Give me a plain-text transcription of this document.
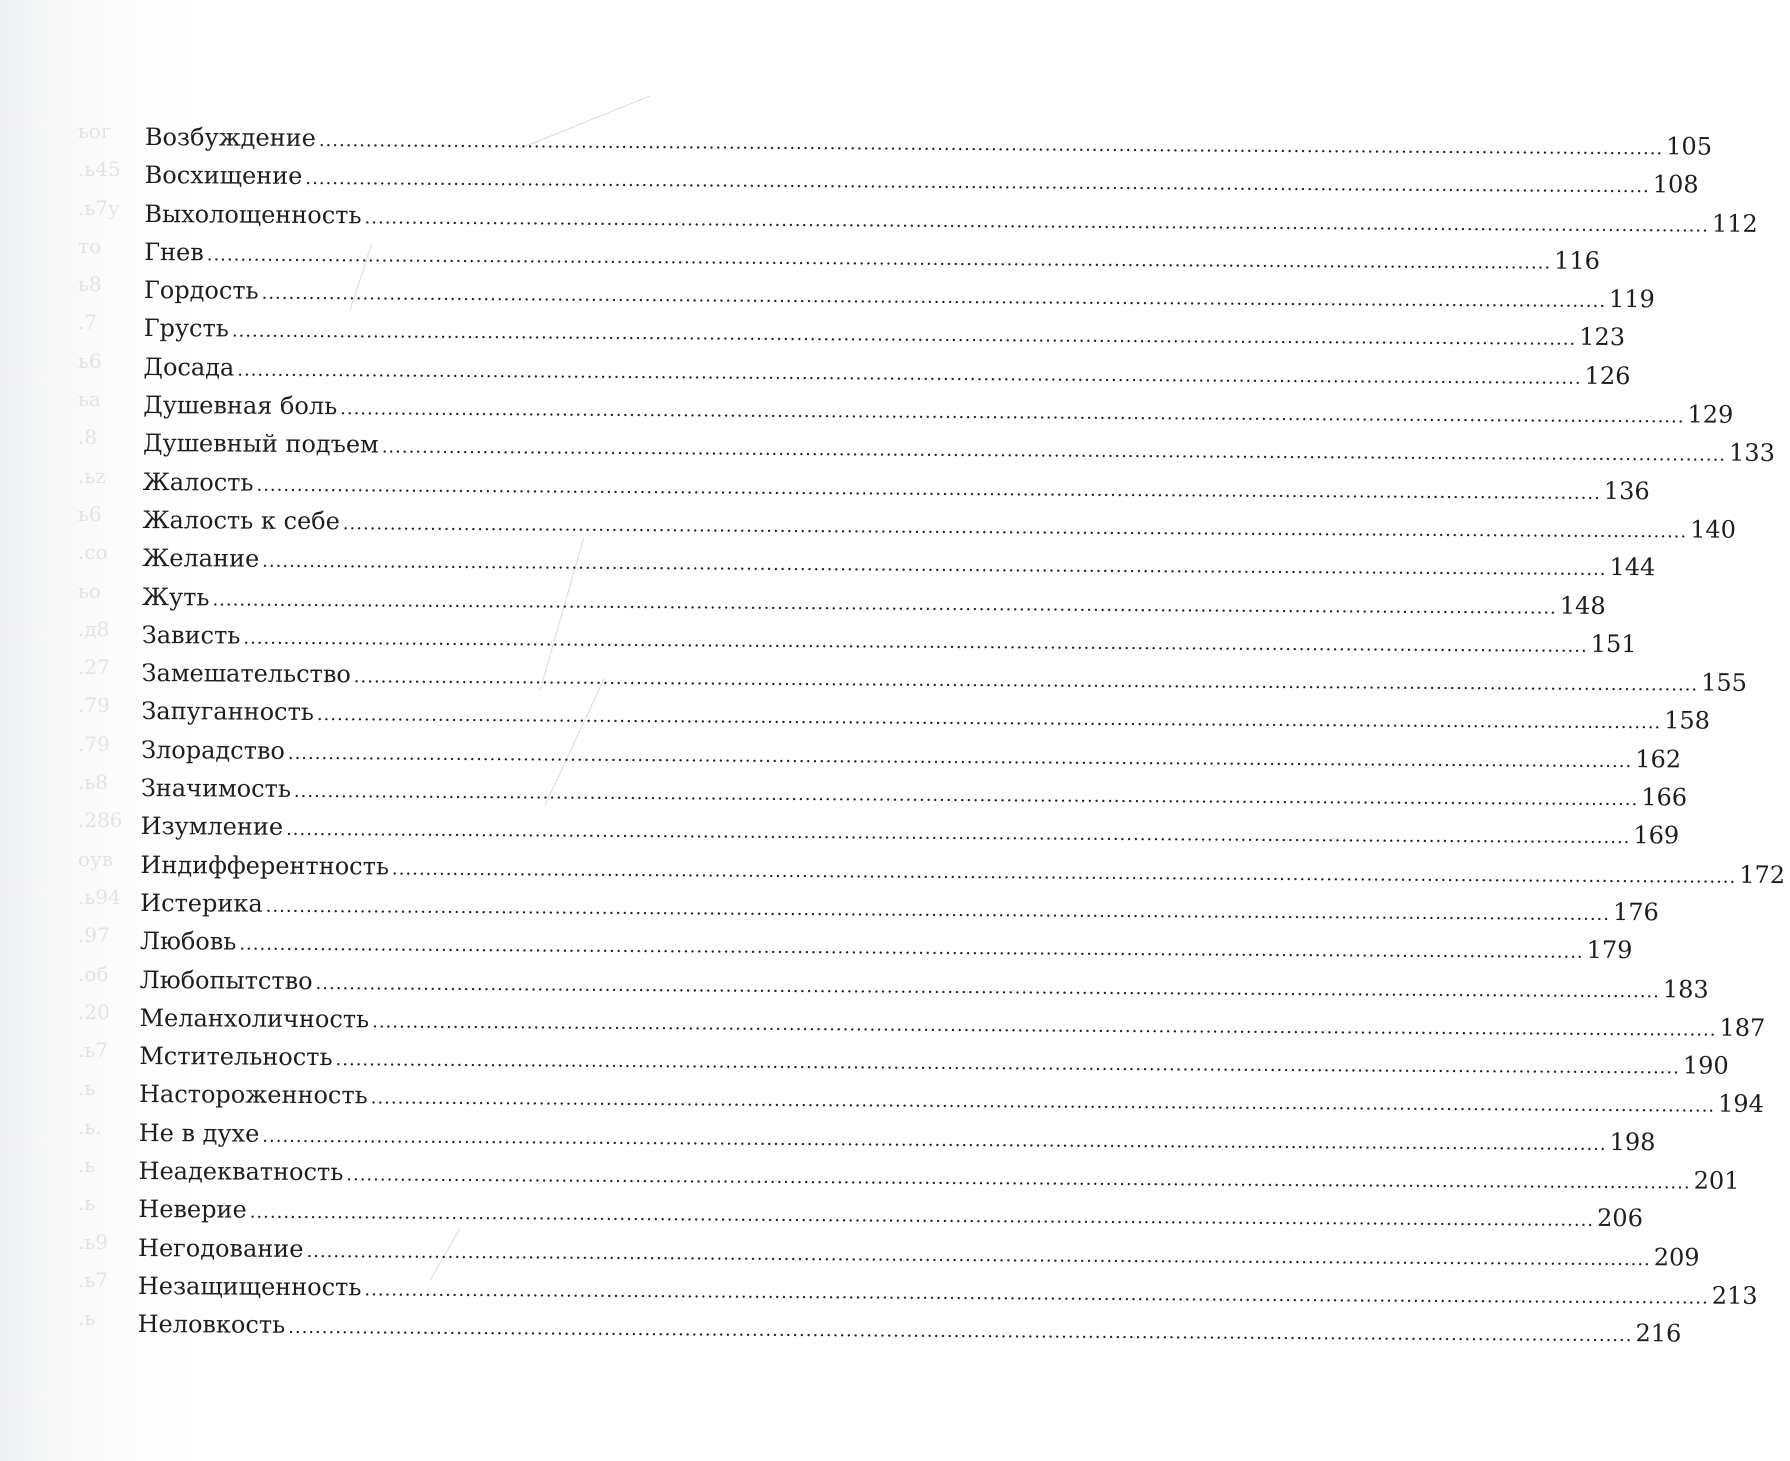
ьог
.ь45
.ь7у
то
ь8
.7
ь6
ьа
.8
.ьz
ь6
.со
ьо
.д8
.27
.79
.79
.ь8
.286
оув
.ь94
.97
.об
.20
.ь7
.ь
.ь.
.ь
.ь
.ь9
.ь7
.ь
Возбуждение ........................................................................................................................................................................................................ 105
Восхищение ........................................................................................................................................................................................................ 108
Выхолощенность ........................................................................................................................................................................................................ 112
Гнев ........................................................................................................................................................................................................ 116
Гордость ........................................................................................................................................................................................................ 119
Грусть ........................................................................................................................................................................................................ 123
Досада ........................................................................................................................................................................................................ 126
Душевная боль ........................................................................................................................................................................................................ 129
Душевный подъем ........................................................................................................................................................................................................ 133
Жалость ........................................................................................................................................................................................................ 136
Жалость к себе ........................................................................................................................................................................................................ 140
Желание ........................................................................................................................................................................................................ 144
Жуть ........................................................................................................................................................................................................ 148
Зависть ........................................................................................................................................................................................................ 151
Замешательство ........................................................................................................................................................................................................ 155
Запуганность ........................................................................................................................................................................................................ 158
Злорадство ........................................................................................................................................................................................................ 162
Значимость ........................................................................................................................................................................................................ 166
Изумление ........................................................................................................................................................................................................ 169
Индифферентность ........................................................................................................................................................................................................ 172
Истерика ........................................................................................................................................................................................................ 176
Любовь ........................................................................................................................................................................................................ 179
Любопытство ........................................................................................................................................................................................................ 183
Меланхоличность ........................................................................................................................................................................................................ 187
Мстительность ........................................................................................................................................................................................................ 190
Настороженность ........................................................................................................................................................................................................ 194
Не в духе ........................................................................................................................................................................................................ 198
Неадекватность ........................................................................................................................................................................................................ 201
Неверие ........................................................................................................................................................................................................ 206
Негодование ........................................................................................................................................................................................................ 209
Незащищенность ........................................................................................................................................................................................................ 213
Неловкость ........................................................................................................................................................................................................ 216
